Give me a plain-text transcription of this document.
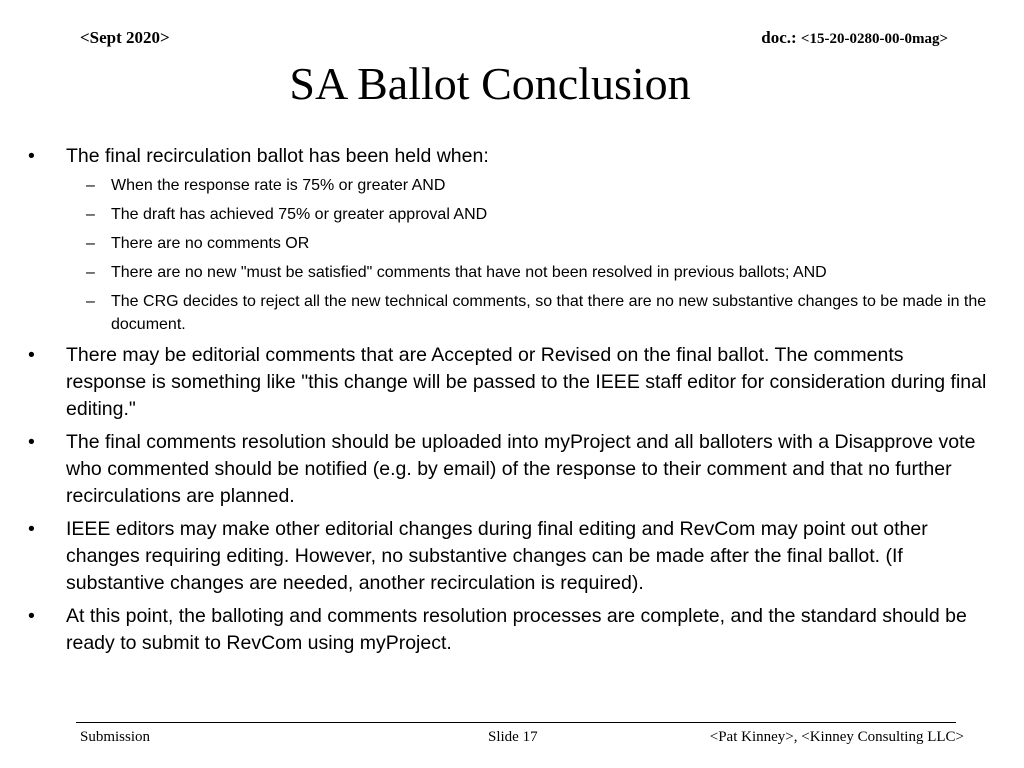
<Sept 2020>	doc.: <15-20-0280-00-0mag>
SA Ballot Conclusion
• The final recirculation ballot has been held when:
– When the response rate is 75% or greater AND
– The draft has achieved 75% or greater approval AND
– There are no comments OR
– There are no new "must be satisfied" comments that have not been resolved in previous ballots; AND
– The CRG decides to reject all the new technical comments, so that there are no new substantive changes to be made in the document.
• There may be editorial comments that are Accepted or Revised on the final ballot. The comments response is something like "this change will be passed to the IEEE staff editor for consideration during final editing."
• The final comments resolution should be uploaded into myProject and all balloters with a Disapprove vote who commented should be notified (e.g. by email) of the response to their comment and that no further recirculations are planned.
• IEEE editors may make other editorial changes during final editing and RevCom may point out other changes requiring editing. However, no substantive changes can be made after the final ballot. (If substantive changes are needed, another recirculation is required).
• At this point, the balloting and comments resolution processes are complete, and the standard should be ready to submit to RevCom using myProject.
Submission	Slide 17	<Pat Kinney>, <Kinney Consulting LLC>
